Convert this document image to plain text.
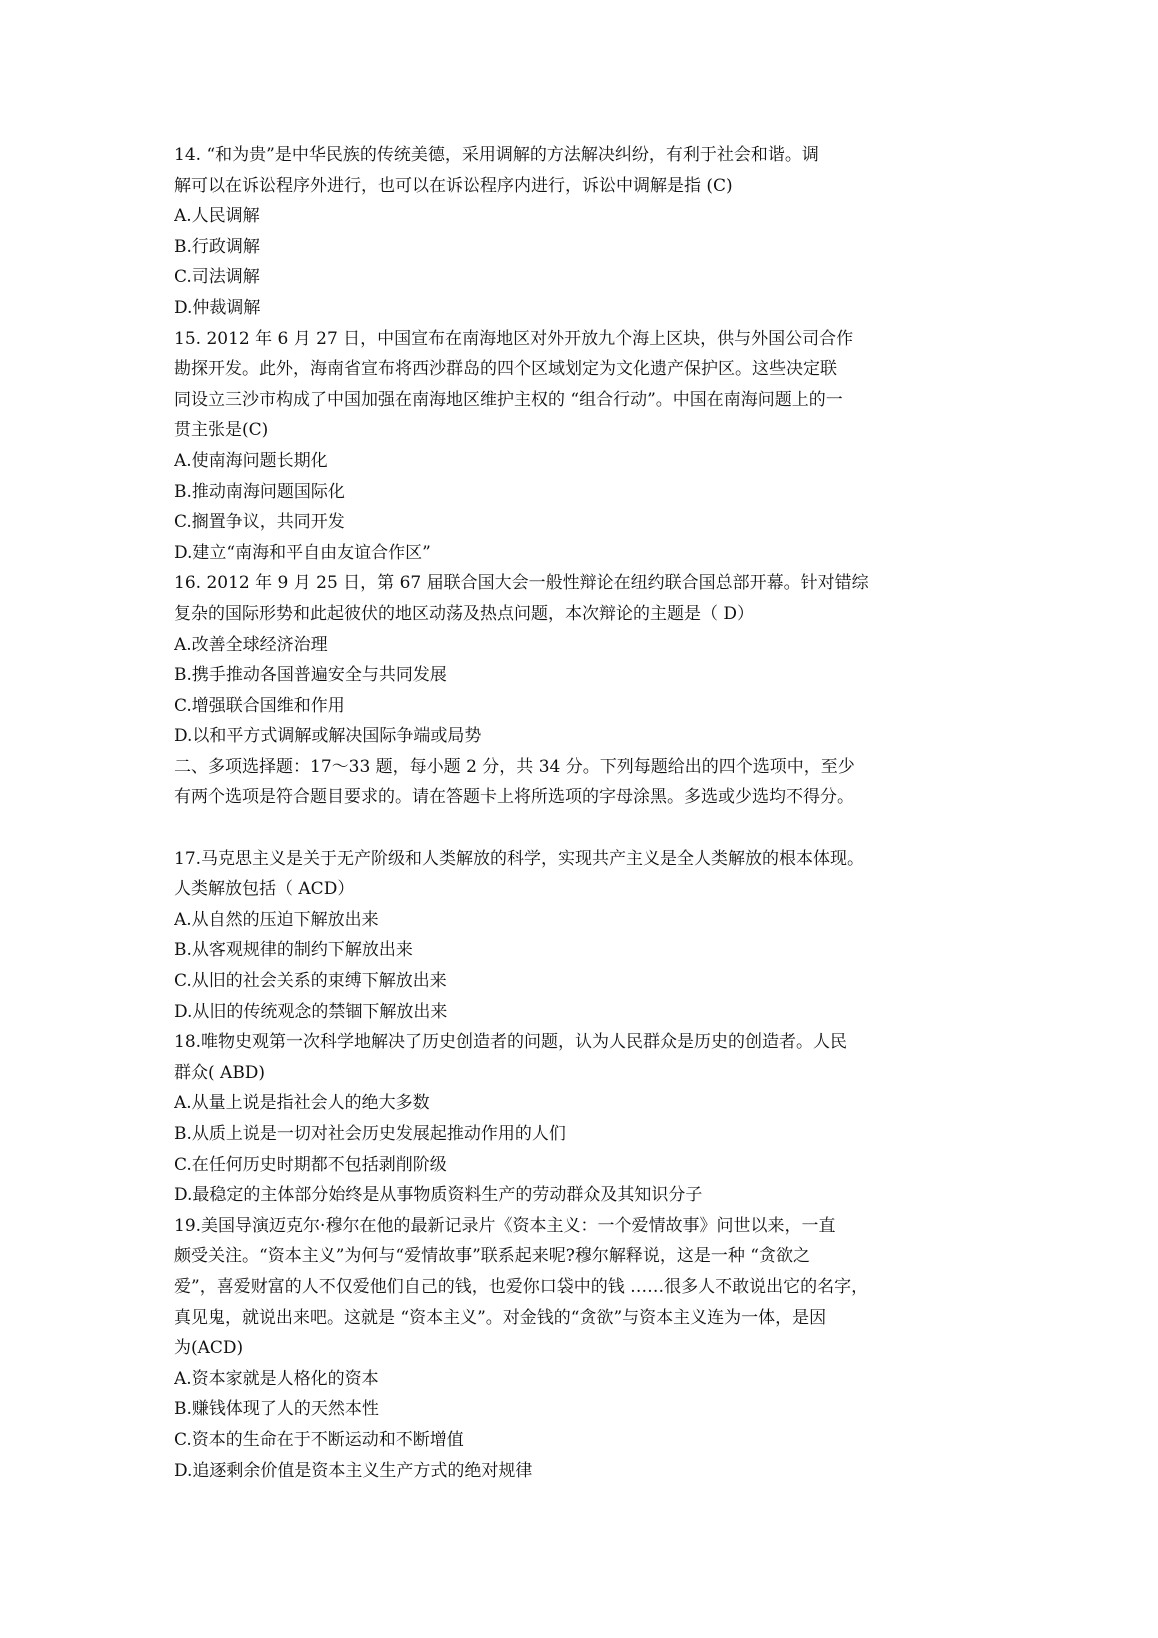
14. “和为贵”是中华民族的传统美德，采用调解的方法解决纠纷，有利于社会和谐。调
解可以在诉讼程序外进行，也可以在诉讼程序内进行，诉讼中调解是指 (C)
A.人民调解
B.行政调解
C.司法调解
D.仲裁调解
15. 2012 年 6 月 27 日，中国宣布在南海地区对外开放九个海上区块，供与外国公司合作
勘探开发。此外，海南省宣布将西沙群岛的四个区域划定为文化遗产保护区。这些决定联
同设立三沙市构成了中国加强在南海地区维护主权的 “组合行动”。中国在南海问题上的一
贯主张是(C)
A.使南海问题长期化
B.推动南海问题国际化
C.搁置争议，共同开发
D.建立“南海和平自由友谊合作区”
16. 2012 年 9 月 25 日，第 67 届联合国大会一般性辩论在纽约联合国总部开幕。针对错综
复杂的国际形势和此起彼伏的地区动荡及热点问题，本次辩论的主题是（ D）
A.改善全球经济治理
B.携手推动各国普遍安全与共同发展
C.增强联合国维和作用
D.以和平方式调解或解决国际争端或局势
二、多项选择题：17～33 题，每小题 2 分，共 34 分。下列每题给出的四个选项中，至少
有两个选项是符合题目要求的。请在答题卡上将所选项的字母涂黑。多选或少选均不得分。
17.马克思主义是关于无产阶级和人类解放的科学，实现共产主义是全人类解放的根本体现。
人类解放包括（ ACD）
A.从自然的压迫下解放出来
B.从客观规律的制约下解放出来
C.从旧的社会关系的束缚下解放出来
D.从旧的传统观念的禁锢下解放出来
18.唯物史观第一次科学地解决了历史创造者的问题，认为人民群众是历史的创造者。人民
群众( ABD)
A.从量上说是指社会人的绝大多数
B.从质上说是一切对社会历史发展起推动作用的人们
C.在任何历史时期都不包括剥削阶级
D.最稳定的主体部分始终是从事物质资料生产的劳动群众及其知识分子
19.美国导演迈克尔·穆尔在他的最新记录片《资本主义：一个爱情故事》问世以来，一直
颇受关注。“资本主义”为何与“爱情故事”联系起来呢?穆尔解释说，这是一种 “贪欲之
爱”，喜爱财富的人不仅爱他们自己的钱，也爱你口袋中的钱 ……很多人不敢说出它的名字，
真见鬼，就说出来吧。这就是 “资本主义”。对金钱的“贪欲”与资本主义连为一体，是因
为(ACD)
A.资本家就是人格化的资本
B.赚钱体现了人的天然本性
C.资本的生命在于不断运动和不断增值
D.追逐剩余价值是资本主义生产方式的绝对规律
